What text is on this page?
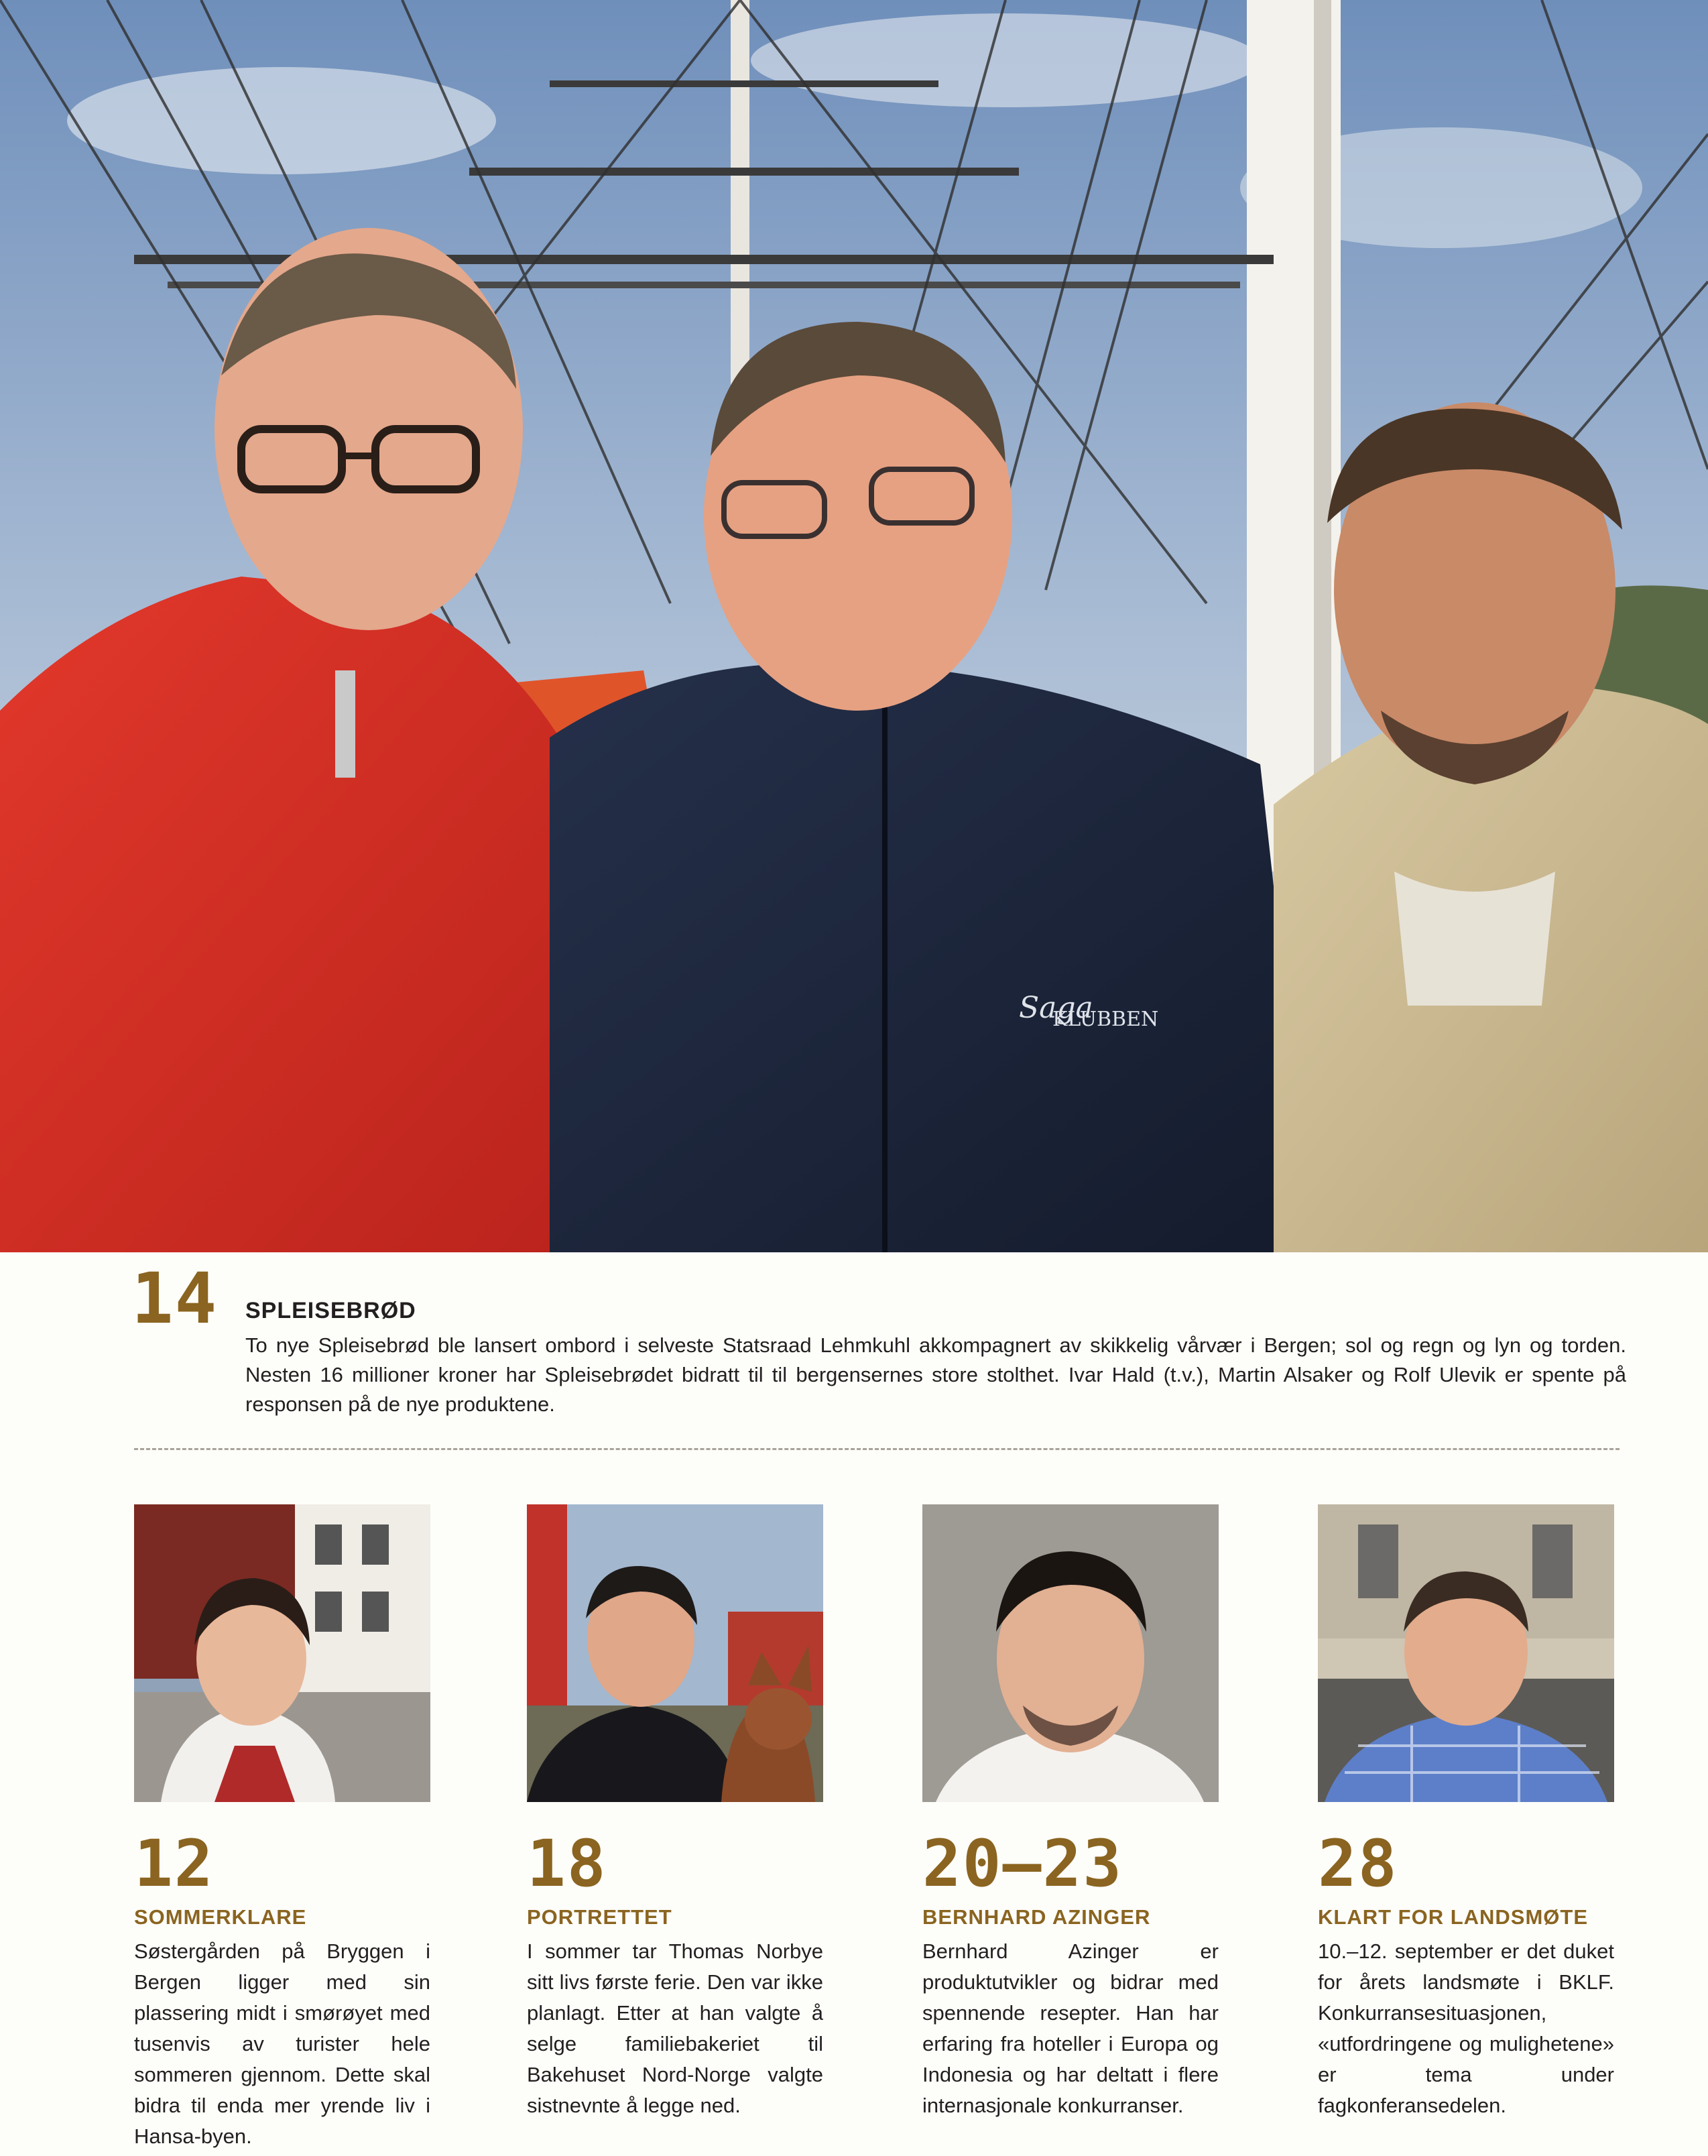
Saga
KLUBBEN
14 SPLEISEBRØD
To nye Spleisebrød ble lansert ombord i selveste Statsraad Lehmkuhl akkompagnert av skikkelig vårvær i Bergen; sol og regn og lyn og torden. Nesten 16 millioner kroner har Spleisebrødet bidratt til til bergensernes store stolthet. Ivar Hald (t.v.), Martin Alsaker og Rolf Ulevik er spente på responsen på de nye produktene.
12
SOMMERKLARE
Søstergården på Bryggen i Bergen ligger med sin plassering midt i smørøyet med tusenvis av turister hele sommeren gjennom. Dette skal bidra til enda mer yrende liv i Hansa-byen.
18
PORTRETTET
I sommer tar Thomas Norbye sitt livs første ferie. Den var ikke planlagt. Etter at han valgte å selge familiebakeriet til Bakehuset Nord-Norge valgte sistnevnte å legge ned.
20–23
BERNHARD AZINGER
Bernhard Azinger er produktutvikler og bidrar med spennende resepter. Han har erfaring fra hoteller i Europa og Indonesia og har deltatt i flere internasjonale konkurranser.
28
KLART FOR LANDSMØTE
10.–12. september er det duket for årets landsmøte i BKLF. Konkurransesituasjonen, «utfordringene og mulighetene» er tema under fagkonferansedelen.
